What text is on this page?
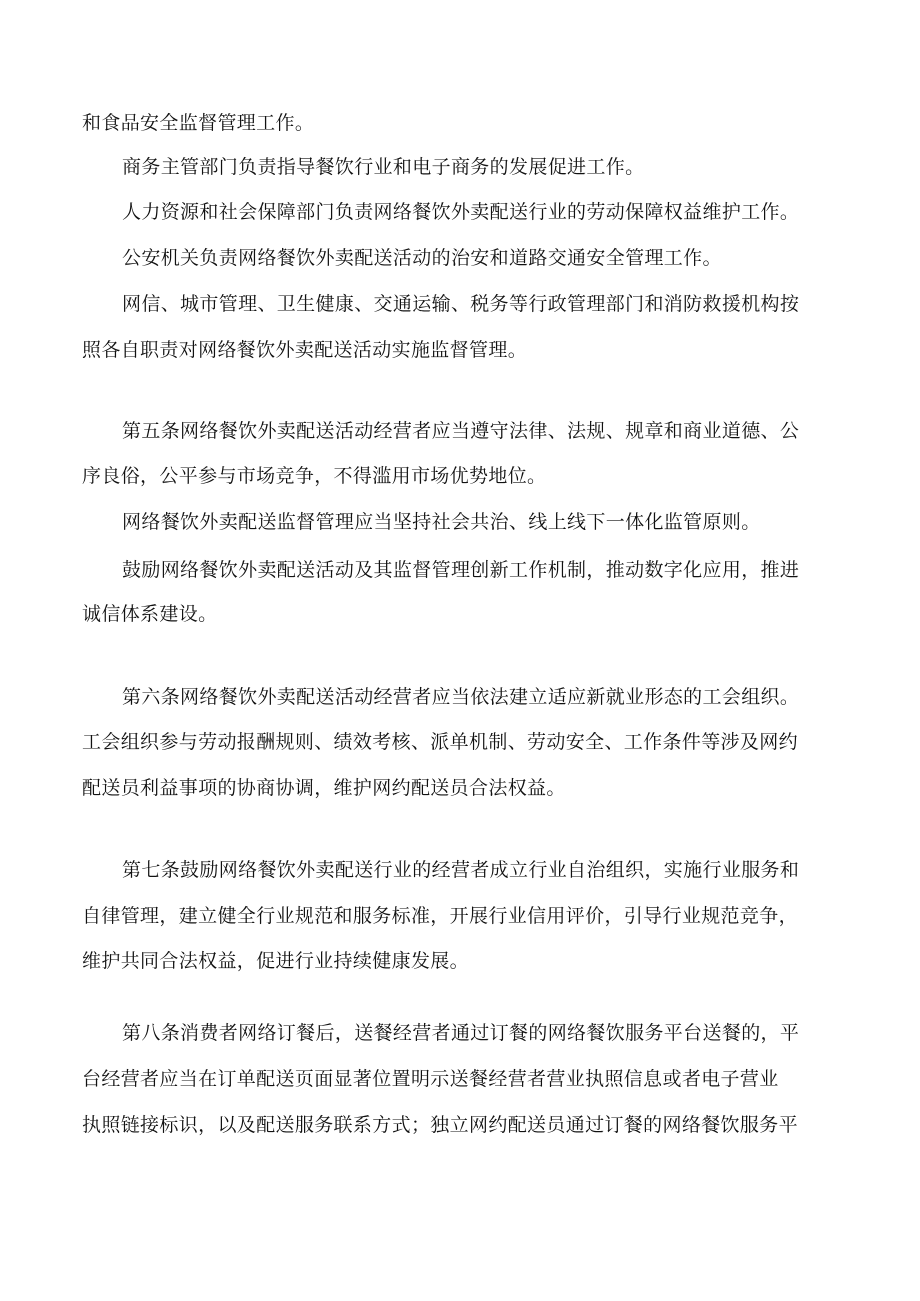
和食品安全监督管理工作。
商务主管部门负责指导餐饮行业和电子商务的发展促进工作。
人力资源和社会保障部门负责网络餐饮外卖配送行业的劳动保障权益维护工作。
公安机关负责网络餐饮外卖配送活动的治安和道路交通安全管理工作。
网信、城市管理、卫生健康、交通运输、税务等行政管理部门和消防救援机构按
照各自职责对网络餐饮外卖配送活动实施监督管理。
第五条网络餐饮外卖配送活动经营者应当遵守法律、法规、规章和商业道德、公
序良俗，公平参与市场竞争，不得滥用市场优势地位。
网络餐饮外卖配送监督管理应当坚持社会共治、线上线下一体化监管原则。
鼓励网络餐饮外卖配送活动及其监督管理创新工作机制，推动数字化应用，推进
诚信体系建设。
第六条网络餐饮外卖配送活动经营者应当依法建立适应新就业形态的工会组织。
工会组织参与劳动报酬规则、绩效考核、派单机制、劳动安全、工作条件等涉及网约
配送员利益事项的协商协调，维护网约配送员合法权益。
第七条鼓励网络餐饮外卖配送行业的经营者成立行业自治组织，实施行业服务和
自律管理，建立健全行业规范和服务标准，开展行业信用评价，引导行业规范竞争，
维护共同合法权益，促进行业持续健康发展。
第八条消费者网络订餐后，送餐经营者通过订餐的网络餐饮服务平台送餐的，平
台经营者应当在订单配送页面显著位置明示送餐经营者营业执照信息或者电子营业
执照链接标识，以及配送服务联系方式；独立网约配送员通过订餐的网络餐饮服务平
